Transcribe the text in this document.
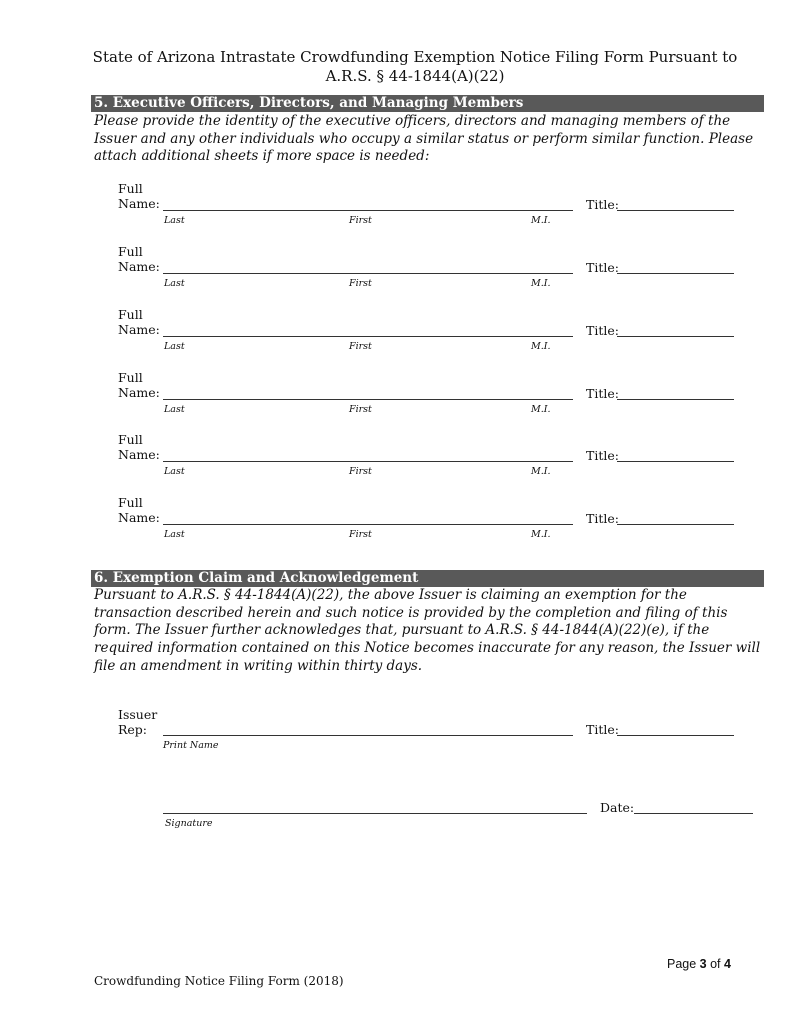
State of Arizona Intrastate Crowdfunding Exemption Notice Filing Form Pursuant to
A.R.S. § 44-1844(A)(22)
5. Executive Officers, Directors, and Managing Members
Please provide the identity of the executive officers, directors and managing members of the Issuer and any other individuals who occupy a similar status or perform similar function. Please attach additional sheets if more space is needed:
Full
Name:
Last	First	M.I.
Title:
Full
Name:
Last	First	M.I.
Title:
Full
Name:
Last	First	M.I.
Title:
Full
Name:
Last	First	M.I.
Title:
Full
Name:
Last	First	M.I.
Title:
Full
Name:
Last	First	M.I.
Title:
6. Exemption Claim and Acknowledgement
Pursuant to A.R.S. § 44-1844(A)(22), the above Issuer is claiming an exemption for the transaction described herein and such notice is provided by the completion and filing of this form. The Issuer further acknowledges that, pursuant to A.R.S. § 44-1844(A)(22)(e), if the required information contained on this Notice becomes inaccurate for any reason, the Issuer will file an amendment in writing within thirty days.
Issuer
Rep:
Print Name
Title:
Signature
Date:
Page 3 of 4
Crowdfunding Notice Filing Form (2018)
